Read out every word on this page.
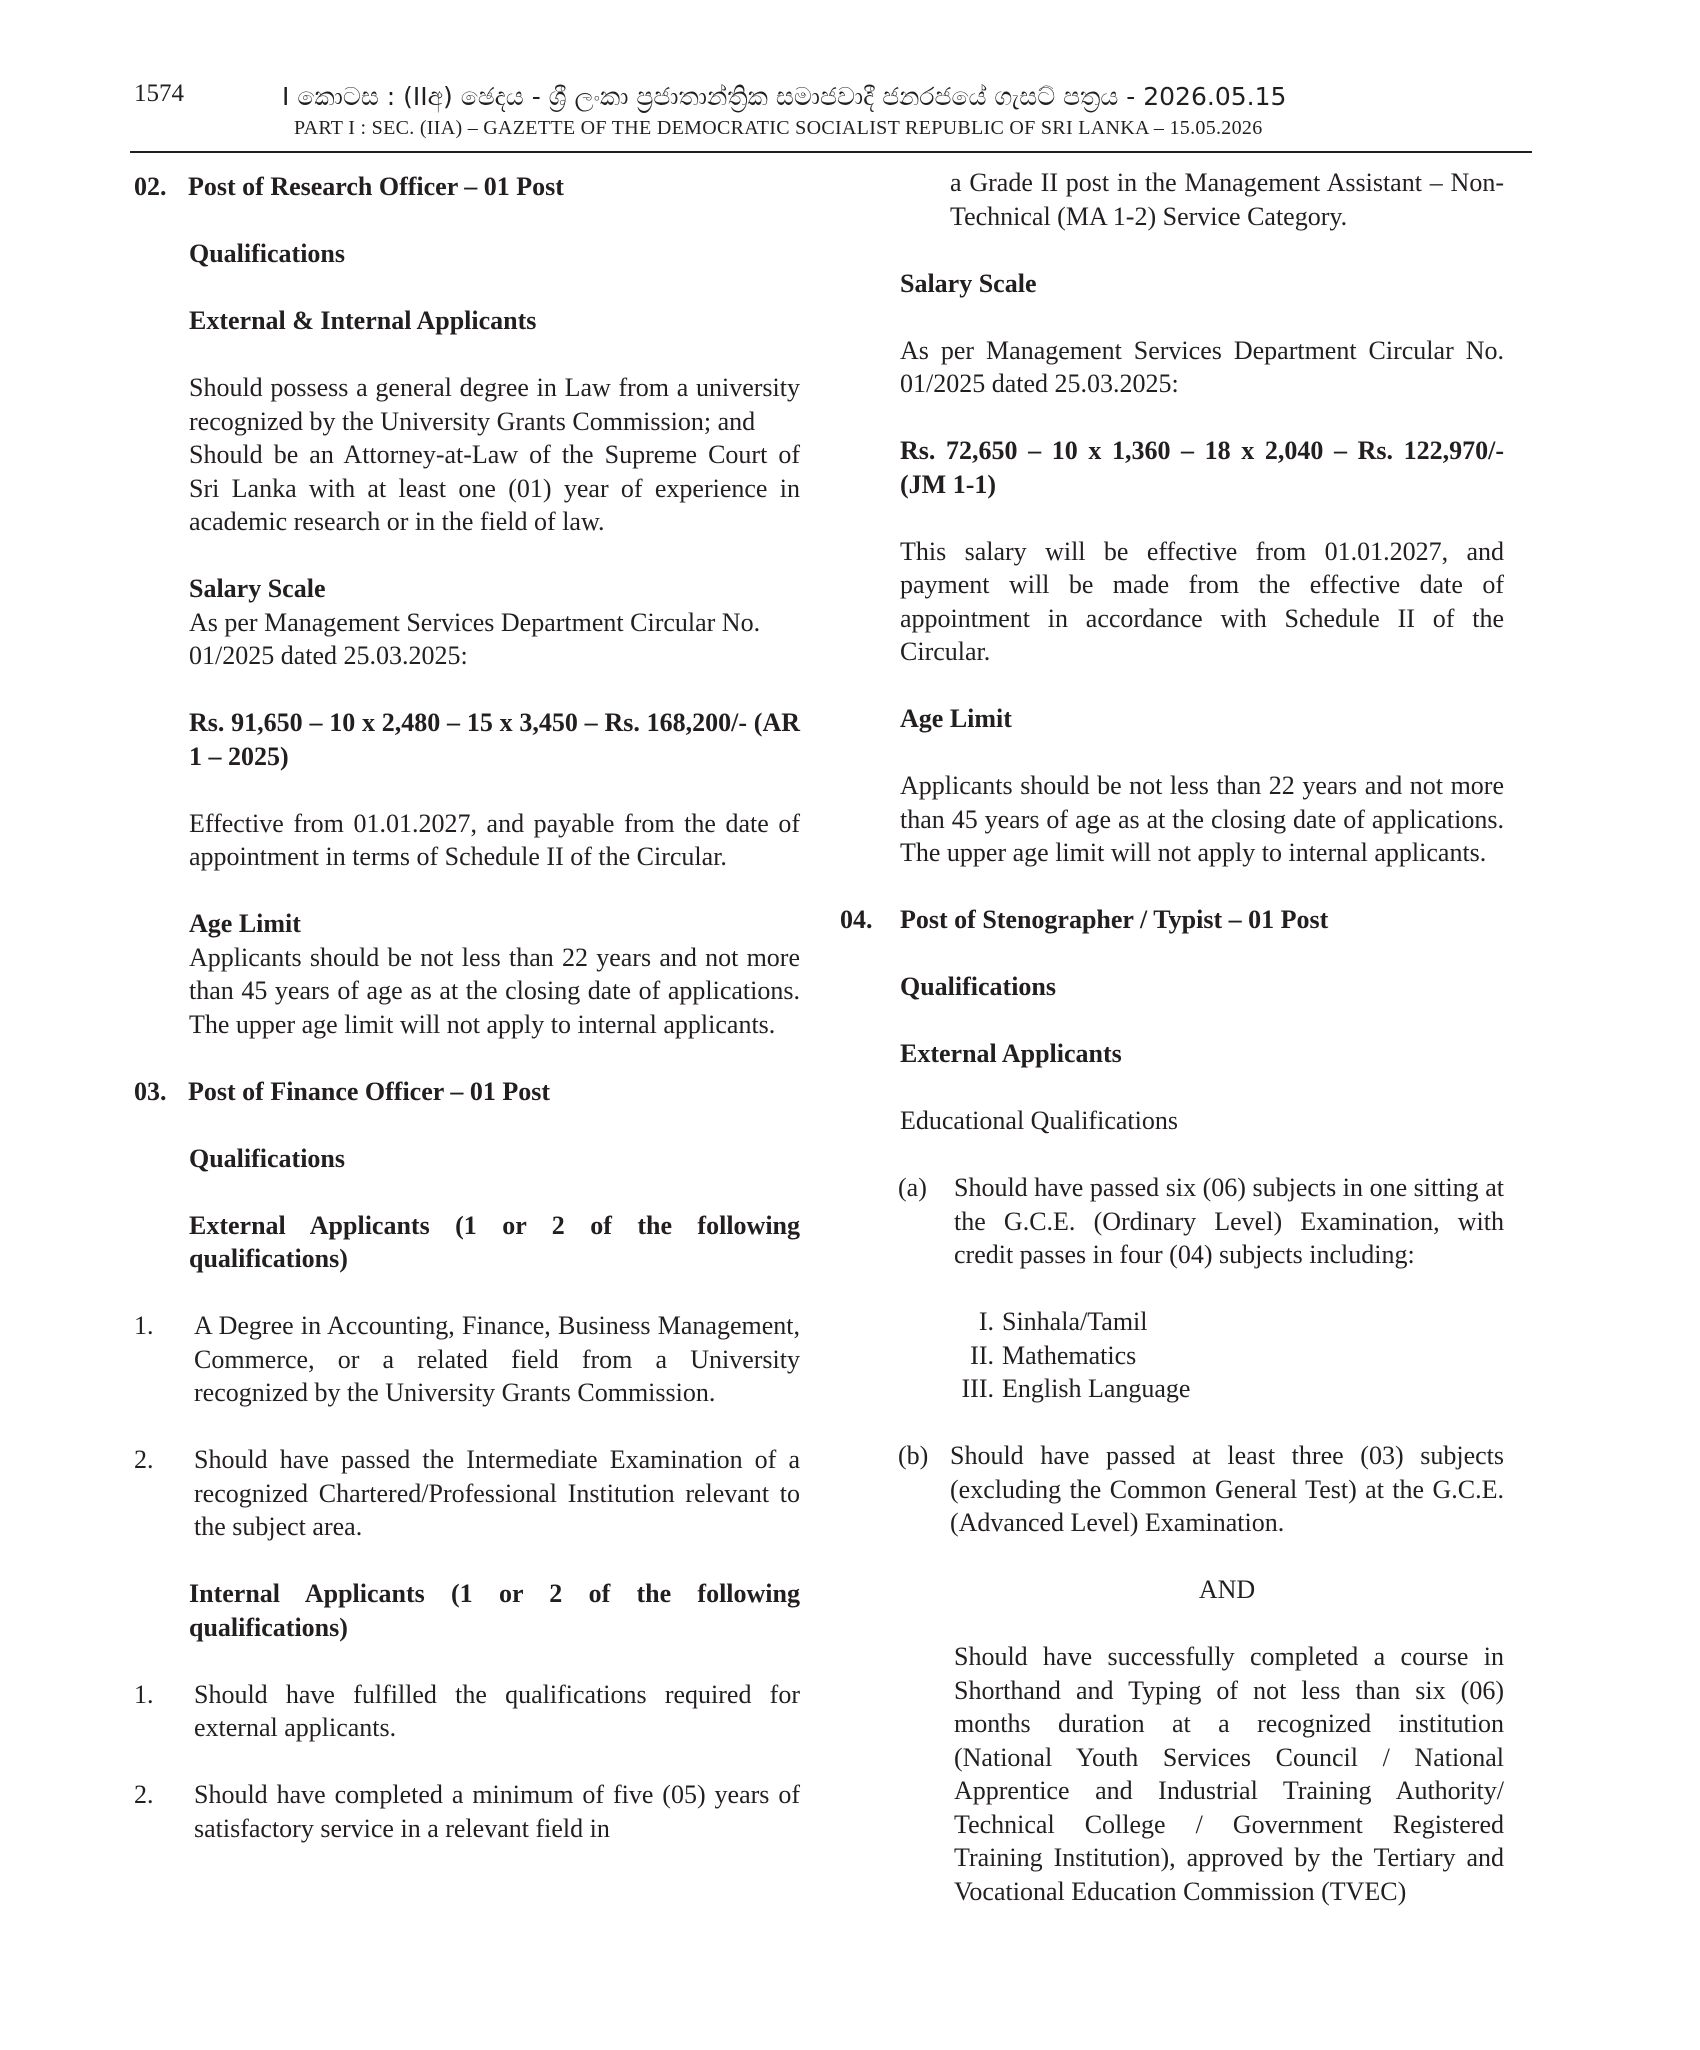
1574	I කොටස : (IIඅ) ඡෙදය - ශ්‍රී ලංකා ප්‍රජාතාන්ත්‍රික සමාජවාදී ජනරජයේ ගැසට් පත්‍රය - 2026.05.15
PART I : SEC. (IIA) – GAZETTE OF THE DEMOCRATIC SOCIALIST REPUBLIC OF SRI LANKA – 15.05.2026
02. Post of Research Officer – 01 Post

Qualifications

External & Internal Applicants

Should possess a general degree in Law from a university recognized by the University Grants Commission; and

Should be an Attorney-at-Law of the Supreme Court of Sri Lanka with at least one (01) year of experience in academic research or in the field of law.

Salary Scale

As per Management Services Department Circular No. 01/2025 dated 25.03.2025:

Rs. 91,650 – 10 x 2,480 – 15 x 3,450 – Rs. 168,200/- (AR 1 – 2025)

Effective from 01.01.2027, and payable from the date of appointment in terms of Schedule II of the Circular.

Age Limit

Applicants should be not less than 22 years and not more than 45 years of age as at the closing date of applications. The upper age limit will not apply to internal applicants.

03. Post of Finance Officer – 01 Post

Qualifications

External Applicants (1 or 2 of the following qualifications)

1. A Degree in Accounting, Finance, Business Management, Commerce, or a related field from a University recognized by the University Grants Commission.
2. Should have passed the Intermediate Examination of a recognized Chartered/Professional Institution relevant to the subject area.

Internal Applicants (1 or 2 of the following qualifications)

1. Should have fulfilled the qualifications required for external applicants.
2. Should have completed a minimum of five (05) years of satisfactory service in a relevant field in

a Grade II post in the Management Assistant – Non-Technical (MA 1-2) Service Category.

Salary Scale

As per Management Services Department Circular No. 01/2025 dated 25.03.2025:

Rs. 72,650 – 10 x 1,360 – 18 x 2,040 – Rs. 122,970/- (JM 1-1)

This salary will be effective from 01.01.2027, and payment will be made from the effective date of appointment in accordance with Schedule II of the Circular.

Age Limit

Applicants should be not less than 22 years and not more than 45 years of age as at the closing date of applications. The upper age limit will not apply to internal applicants.

04. Post of Stenographer / Typist – 01 Post

Qualifications

External Applicants

Educational Qualifications

(a) Should have passed six (06) subjects in one sitting at the G.C.E. (Ordinary Level) Examination, with credit passes in four (04) subjects including:
I. Sinhala/Tamil
II. Mathematics
III. English Language
(b) Should have passed at least three (03) subjects (excluding the Common General Test) at the G.C.E. (Advanced Level) Examination.

AND

Should have successfully completed a course in Shorthand and Typing of not less than six (06) months duration at a recognized institution (National Youth Services Council / National Apprentice and Industrial Training Authority/ Technical College / Government Registered Training Institution), approved by the Tertiary and Vocational Education Commission (TVEC)
